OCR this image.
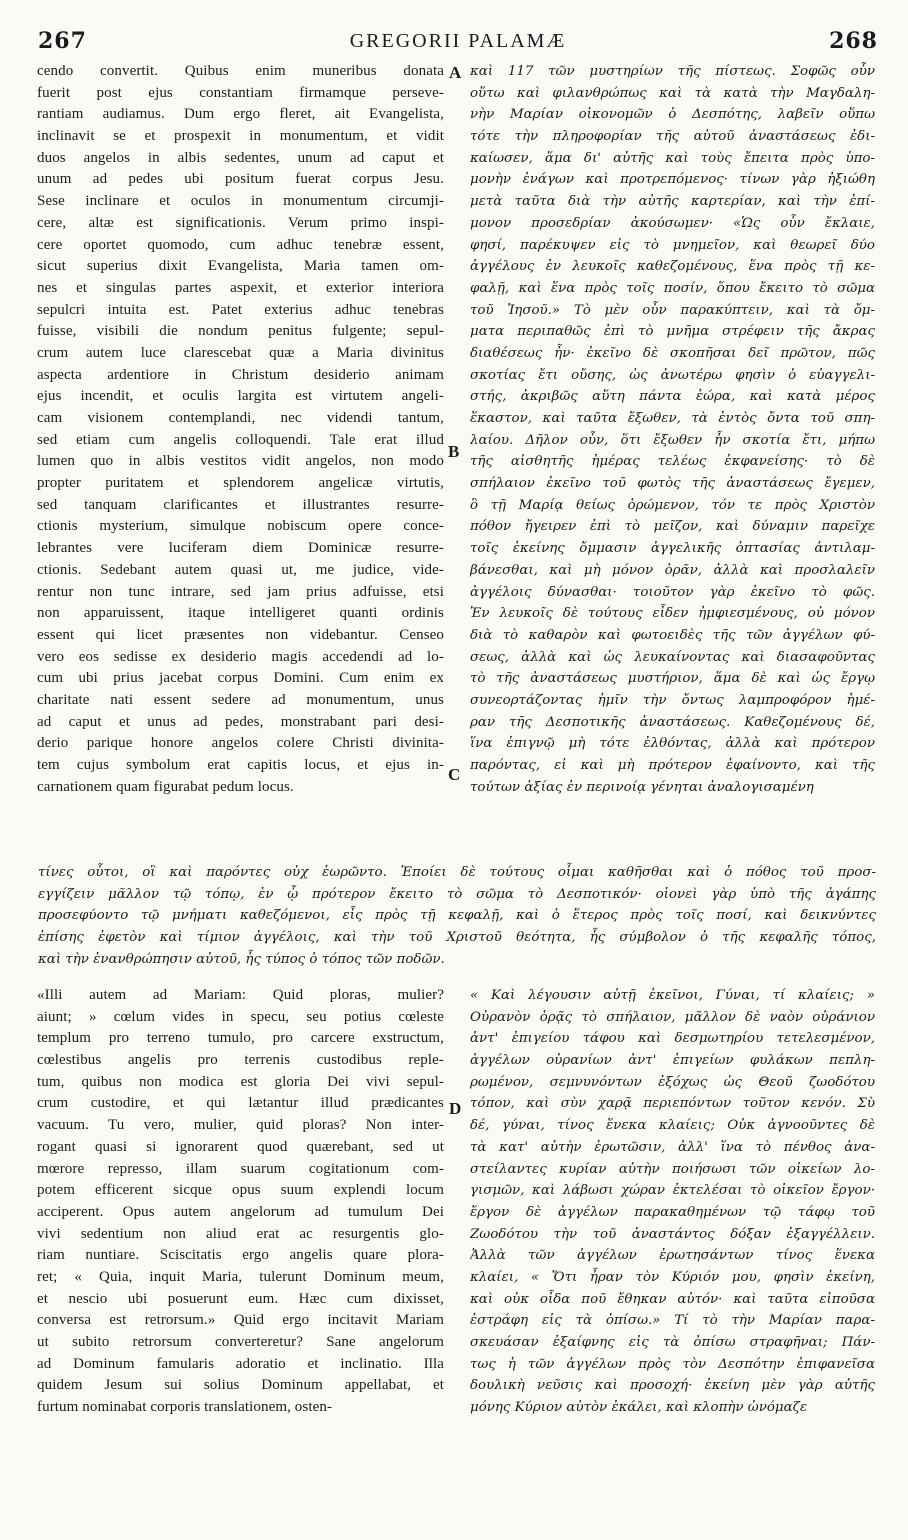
267	GREGORII PALAMÆ	268
A
B
C
D
cendo convertit. Quibus enim muneribus donata
fuerit post ejus constantiam firmamque perseve-
rantiam audiamus. Dum ergo fleret, ait Evangelista,
inclinavit se et prospexit in monumentum, et vidit
duos angelos in albis sedentes, unum ad caput et
unum ad pedes ubi positum fuerat corpus Jesu.
Sese inclinare et oculos in monumentum circumji-
cere, altæ est significationis. Verum primo inspi-
cere oportet quomodo, cum adhuc tenebræ essent,
sicut superius dixit Evangelista, Maria tamen om-
nes et singulas partes aspexit, et exterior interiora
sepulcri intuita est. Patet exterius adhuc tenebras
fuisse, visibili die nondum penitus fulgente; sepul-
crum autem luce clarescebat quæ a Maria divinitus
aspecta ardentiore in Christum desiderio animam
ejus incendit, et oculis largita est virtutem angeli-
cam visionem contemplandi, nec videndi tantum,
sed etiam cum angelis colloquendi. Tale erat illud
lumen quo in albis vestitos vidit angelos, non modo
propter puritatem et splendorem angelicæ virtutis,
sed tanquam clarificantes et illustrantes resurre-
ctionis mysterium, simulque nobiscum opere conce-
lebrantes vere luciferam diem Dominicæ resurre-
ctionis. Sedebant autem quasi ut, me judice, vide-
rentur non tunc intrare, sed jam prius adfuisse, etsi
non apparuissent, itaque intelligeret quanti ordinis
essent qui licet præsentes non videbantur. Censeo
vero eos sedisse ex desiderio magis accedendi ad lo-
cum ubi prius jacebat corpus Domini. Cum enim ex
charitate nati essent sedere ad monumentum, unus
ad caput et unus ad pedes, monstrabant pari desi-
derio parique honore angelos colere Christi divinita-
tem cujus symbolum erat capitis locus, et ejus in-
carnationem quam figurabat pedum locus.
καὶ 117 τῶν μυστηρίων τῆς πίστεως. Σοφῶς οὖν
οὕτω καὶ φιλανθρώπως καὶ τὰ κατὰ τὴν Μαγδαλη-
νὴν Μαρίαν οἰκονομῶν ὁ Δεσπότης, λαβεῖν οὕπω
τότε τὴν πληροφορίαν τῆς αὐτοῦ ἀναστάσεως ἐδι-
καίωσεν, ἅμα δι' αὐτῆς καὶ τοὺς ἔπειτα πρὸς ὑπο-
μονὴν ἐνάγων καὶ προτρεπόμενος· τίνων γὰρ ἠξιώθη
μετὰ ταῦτα διὰ τὴν αὐτῆς καρτερίαν, καὶ τὴν ἐπί-
μονον προσεδρίαν ἀκούσωμεν· «Ὡς οὖν ἔκλαιε,
φησί, παρέκυψεν εἰς τὸ μνημεῖον, καὶ θεωρεῖ δύο
ἀγγέλους ἐν λευκοῖς καθεζομένους, ἕνα πρὸς τῇ κε-
φαλῇ, καὶ ἕνα πρὸς τοῖς ποσίν, ὅπου ἔκειτο τὸ σῶμα
τοῦ Ἰησοῦ.» Τὸ μὲν οὖν παρακύπτειν, καὶ τὰ ὄμ-
ματα περιπαθῶς ἐπὶ τὸ μνῆμα στρέφειν τῆς ἄκρας
διαθέσεως ἦν· ἐκεῖνο δὲ σκοπῆσαι δεῖ πρῶτον, πῶς
σκοτίας ἔτι οὔσης, ὡς ἀνωτέρω φησὶν ὁ εὐαγγελι-
στής, ἀκριβῶς αὕτη πάντα ἑώρα, καὶ κατὰ μέρος
ἕκαστον, καὶ ταῦτα ἔξωθεν, τὰ ἐντὸς ὄντα τοῦ σπη-
λαίου. Δῆλον οὖν, ὅτι ἔξωθεν ἦν σκοτία ἔτι, μήπω
τῆς αἰσθητῆς ἡμέρας τελέως ἐκφανείσης· τὸ δὲ
σπήλαιον ἐκεῖνο τοῦ φωτὸς τῆς ἀναστάσεως ἔγεμεν,
ὃ τῇ Μαρίᾳ θείως ὁρώμενον, τόν τε πρὸς Χριστὸν
πόθον ἤγειρεν ἐπὶ τὸ μεῖζον, καὶ δύναμιν παρεῖχε
τοῖς ἐκείνης ὄμμασιν ἀγγελικῆς ὀπτασίας ἀντιλαμ-
βάνεσθαι, καὶ μὴ μόνον ὁρᾶν, ἀλλὰ καὶ προσλαλεῖν
ἀγγέλοις δύνασθαι· τοιοῦτον γὰρ ἐκεῖνο τὸ φῶς.
Ἐν λευκοῖς δὲ τούτους εἶδεν ἠμφιεσμένους, οὐ μόνον
διὰ τὸ καθαρὸν καὶ φωτοειδὲς τῆς τῶν ἀγγέλων φύ-
σεως, ἀλλὰ καὶ ὡς λευκαίνοντας καὶ διασαφοῦντας
τὸ τῆς ἀναστάσεως μυστήριον, ἅμα δὲ καὶ ὡς ἔργῳ
συνεορτάζοντας ἡμῖν τὴν ὄντως λαμπροφόρον ἡμέ-
ραν τῆς Δεσποτικῆς ἀναστάσεως. Καθεζομένους δέ,
ἵνα ἐπιγνῷ μὴ τότε ἐλθόντας, ἀλλὰ καὶ πρότερον
παρόντας, εἰ καὶ μὴ πρότερον ἐφαίνοντο, καὶ τῆς
τούτων ἀξίας ἐν περινοίᾳ γένηται ἀναλογισαμένη
τίνες οὗτοι, οἳ καὶ παρόντες οὐχ ἑωρῶντο. Ἐποίει δὲ τούτους οἶμαι καθῆσθαι καὶ ὁ πόθος τοῦ προσ-
εγγίζειν μᾶλλον τῷ τόπῳ, ἐν ᾧ πρότερον ἔκειτο τὸ σῶμα τὸ Δεσποτικόν· οἱονεὶ γὰρ ὑπὸ τῆς ἀγάπης
προσεφύοντο τῷ μνήματι καθεζόμενοι, εἷς πρὸς τῇ κεφαλῇ, καὶ ὁ ἕτερος πρὸς τοῖς ποσί, καὶ δεικνύντες
ἐπίσης ἐφετὸν καὶ τίμιον ἀγγέλοις, καὶ τὴν τοῦ Χριστοῦ θεότητα, ἧς σύμβολον ὁ τῆς κεφαλῆς τόπος,
καὶ τὴν ἐνανθρώπησιν αὐτοῦ, ἧς τύπος ὁ τόπος τῶν ποδῶν.
«Illi autem ad Mariam: Quid ploras, mulier?
aiunt; » cœlum vides in specu, seu potius cœleste
templum pro terreno tumulo, pro carcere exstructum,
cœlestibus angelis pro terrenis custodibus reple-
tum, quibus non modica est gloria Dei vivi sepul-
crum custodire, et qui lætantur illud prædicantes
vacuum. Tu vero, mulier, quid ploras? Non inter-
rogant quasi si ignorarent quod quærebant, sed ut
mœrore represso, illam suarum cogitationum com-
potem efficerent sicque opus suum explendi locum
acciperent. Opus autem angelorum ad tumulum Dei
vivi sedentium non aliud erat ac resurgentis glo-
riam nuntiare. Sciscitatis ergo angelis quare plora-
ret; « Quia, inquit Maria, tulerunt Dominum meum,
et nescio ubi posuerunt eum. Hæc cum dixisset,
conversa est retrorsum.» Quid ergo incitavit Mariam
ut subito retrorsum converteretur? Sane angelorum
ad Dominum famularis adoratio et inclinatio. Illa
quidem Jesum sui solius Dominum appellabat, et
furtum nominabat corporis translationem, osten-
« Καὶ λέγουσιν αὐτῇ ἐκεῖνοι, Γύναι, τί κλαίεις; »
Οὐρανὸν ὁρᾷς τὸ σπήλαιον, μᾶλλον δὲ ναὸν οὐράνιον
ἀντ' ἐπιγείου τάφου καὶ δεσμωτηρίου τετελεσμένον,
ἀγγέλων οὐρανίων ἀντ' ἐπιγείων φυλάκων πεπλη-
ρωμένον, σεμνυνόντων ἐξόχως ὡς Θεοῦ ζωοδότου
τόπον, καὶ σὺν χαρᾷ περιεπόντων τοῦτον κενόν. Σὺ
δέ, γύναι, τίνος ἕνεκα κλαίεις; Οὐκ ἀγνοοῦντες δὲ
τὰ κατ' αὐτὴν ἐρωτῶσιν, ἀλλ' ἵνα τὸ πένθος ἀνα-
στείλαντες κυρίαν αὐτὴν ποιήσωσι τῶν οἰκείων λο-
γισμῶν, καὶ λάβωσι χώραν ἐκτελέσαι τὸ οἰκεῖον ἔργον·
ἔργον δὲ ἀγγέλων παρακαθημένων τῷ τάφῳ τοῦ
Ζωοδότου τὴν τοῦ ἀναστάντος δόξαν ἐξαγγέλλειν.
Ἀλλὰ τῶν ἀγγέλων ἐρωτησάντων τίνος ἕνεκα
κλαίει, « Ὅτι ἦραν τὸν Κύριόν μου, φησὶν ἐκείνη,
καὶ οὐκ οἶδα ποῦ ἔθηκαν αὐτόν· καὶ ταῦτα εἰποῦσα
ἐστράφη εἰς τὰ ὀπίσω.» Τί τὸ τὴν Μαρίαν παρα-
σκευάσαν ἐξαίφνης εἰς τὰ ὀπίσω στραφῆναι; Πάν-
τως ἡ τῶν ἀγγέλων πρὸς τὸν Δεσπότην ἐπιφανεῖσα
δουλικὴ νεῦσις καὶ προσοχή· ἐκείνη μὲν γὰρ αὐτῆς
μόνης Κύριον αὐτὸν ἐκάλει, καὶ κλοπὴν ὠνόμαζε
